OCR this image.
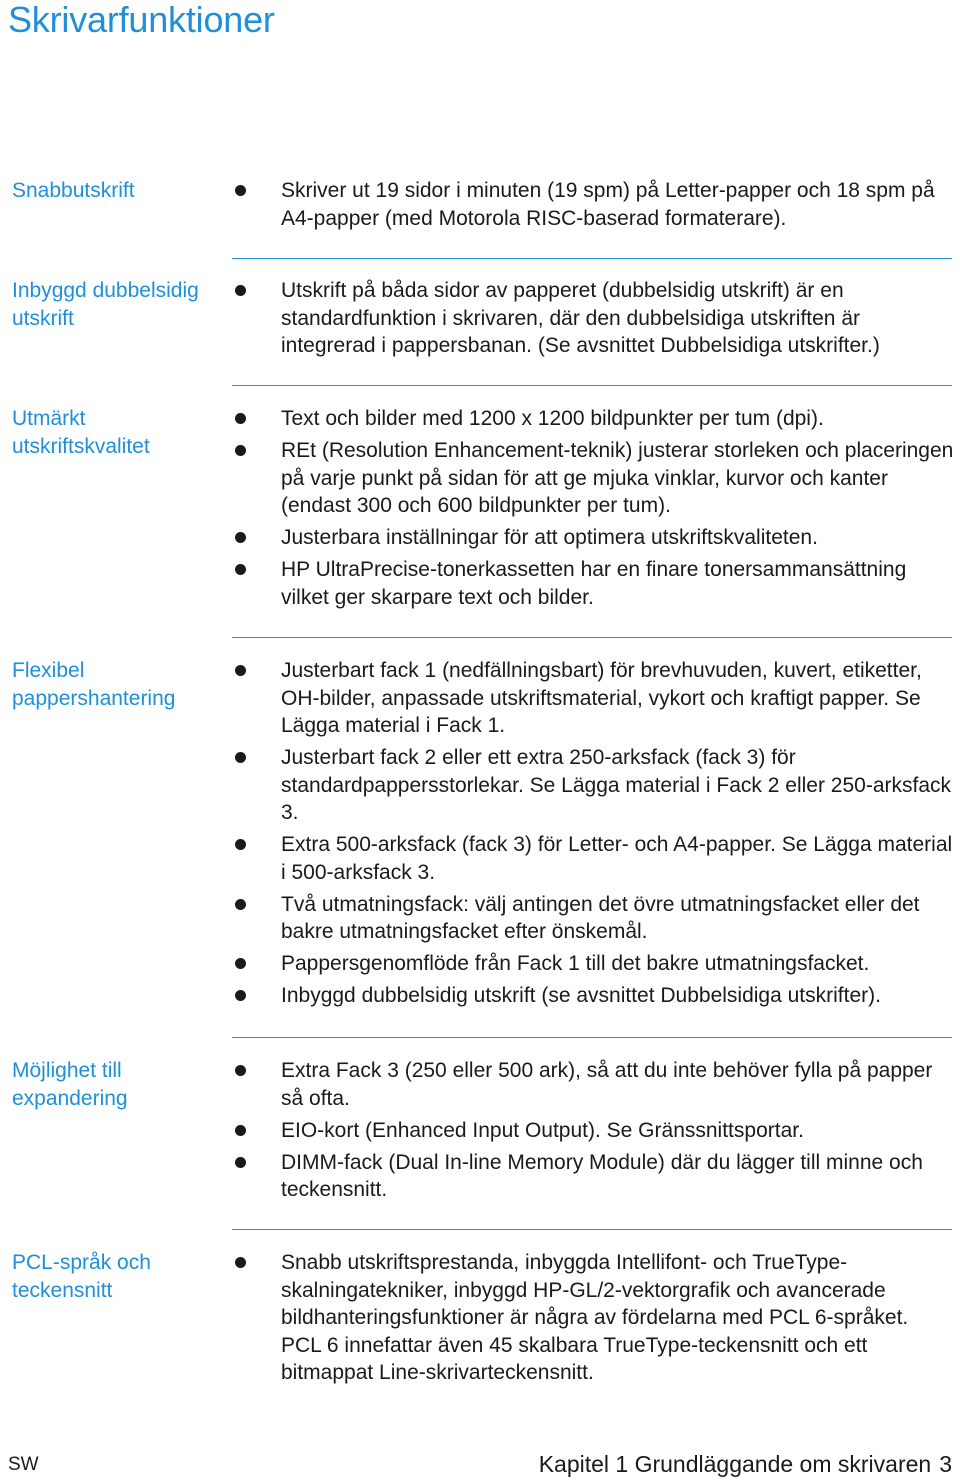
Skrivarfunktioner

Snabbutskrift	Skriver ut 19 sidor i minuten (19 spm) på Letter-papper och 18 spm på A4-papper (med Motorola RISC-baserad formaterare).

Inbyggd dubbelsidig utskrift

Utskrift på båda sidor av papperet (dubbelsidig utskrift) är en standardfunktion i skrivaren, där den dubbelsidiga utskriften är integrerad i pappersbanan. (Se avsnittet Dubbelsidiga utskrifter.)

Utmärkt utskriftskvalitet

Text och bilder med 1200 x 1200 bildpunkter per tum (dpi).
REt (Resolution Enhancement-teknik) justerar storleken och placeringen på varje punkt på sidan för att ge mjuka vinklar, kurvor och kanter (endast 300 och 600 bildpunkter per tum).
Justerbara inställningar för att optimera utskriftskvaliteten.
HP UltraPrecise-tonerkassetten har en finare tonersammansättning vilket ger skarpare text och bilder.

Flexibel pappershantering

Justerbart fack 1 (nedfällningsbart) för brevhuvuden, kuvert, etiketter, OH-bilder, anpassade utskriftsmaterial, vykort och kraftigt papper. Se Lägga material i Fack 1.
Justerbart fack 2 eller ett extra 250-arksfack (fack 3) för standardpappersstorlekar. Se Lägga material i Fack 2 eller 250-arksfack 3.
Extra 500-arksfack (fack 3) för Letter- och A4-papper. Se Lägga material i 500-arksfack 3.
Två utmatningsfack: välj antingen det övre utmatningsfacket eller det bakre utmatningsfacket efter önskemål.
Pappersgenomflöde från Fack 1 till det bakre utmatningsfacket.
Inbyggd dubbelsidig utskrift (se avsnittet Dubbelsidiga utskrifter).

Möjlighet till expandering

Extra Fack 3 (250 eller 500 ark), så att du inte behöver fylla på papper så ofta.
EIO-kort (Enhanced Input Output). Se Gränssnittsportar.
DIMM-fack (Dual In-line Memory Module) där du lägger till minne och teckensnitt.

PCL-språk och teckensnitt

Snabb utskriftsprestanda, inbyggda Intellifont- och TrueType-skalningatekniker, inbyggd HP-GL/2-vektorgrafik och avancerade bildhanteringsfunktioner är några av fördelarna med PCL 6-språket. PCL 6 innefattar även 45 skalbara TrueType-teckensnitt och ett bitmappat Line-skrivarteckensnitt.
SW	Kapitel 1 Grundläggande om skrivaren 3
